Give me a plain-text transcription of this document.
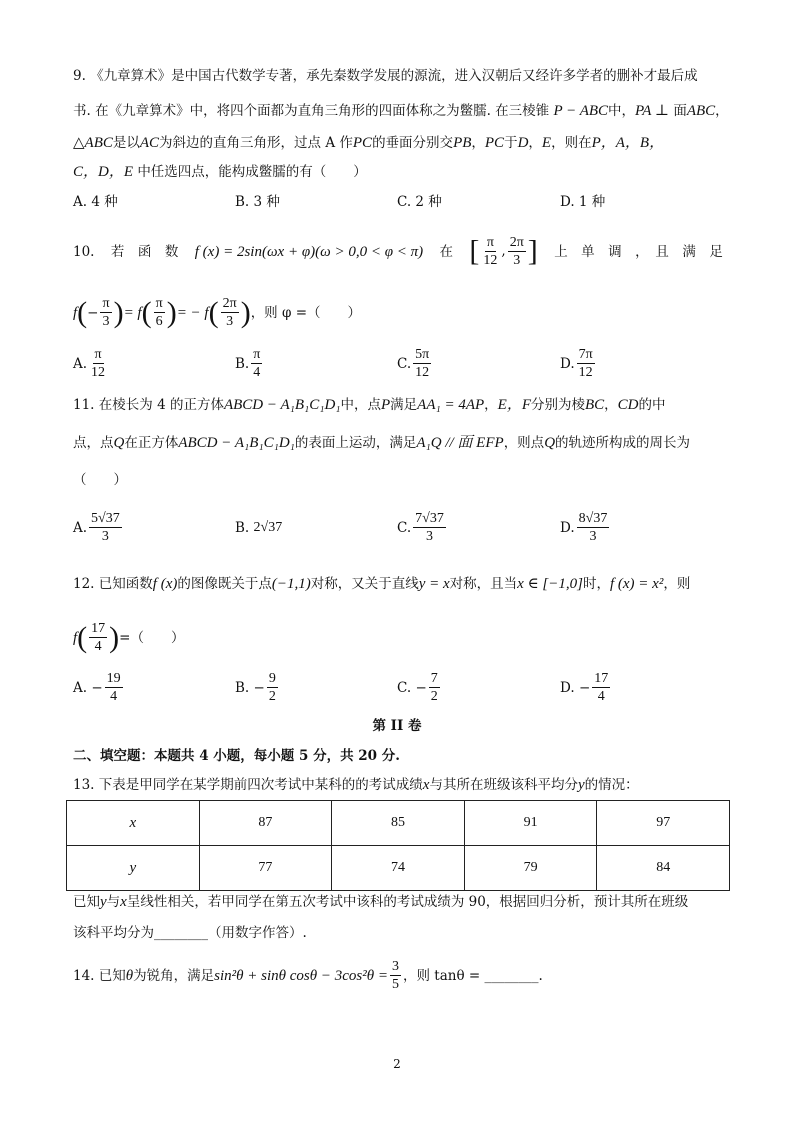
9. 《九章算术》是中国古代数学专著，承先秦数学发展的源流，进入汉朝后又经许多学者的删补才最后成
书. 在《九章算术》中，将四个面都为直角三角形的四面体称之为鳖臑. 在三棱锥 P − ABC中，PA ⊥ 面ABC，
△ABC是以AC为斜边的直角三角形，过点 A 作PC的垂面分别交PB，PC于D，E，则在P，A，B，
C，D，E 中任选四点，能构成鳖臑的有（　　）
A. 4 种	B. 3 种	C. 2 种	D. 1 种
10. 若　函　数 f (x) = 2sin(ωx + φ)(ω > 0,0 < φ < π) 在 [ $\frac{\pi}{12}$ , $\frac{2\pi}{3}$ ] 上　单　调　，　且　满　足
f ( − $\frac{\pi}{3}$ ) = f ( $\frac{\pi}{6}$ ) = − f ( $\frac{2\pi}{3}$ ) ，则 φ =（　　）
A. $\frac{\pi}{12}$	B. $\frac{\pi}{4}$	C. $\frac{5\pi}{12}$	D. $\frac{7\pi}{12}$
11. 在棱长为 4 的正方体ABCD − A₁B₁C₁D₁中，点P满足AA₁ = 4AP，E，F分别为棱BC，CD的中
点，点Q在正方体ABCD − A₁B₁C₁D₁的表面上运动，满足A₁Q // 面 EFP，则点Q的轨迹所构成的周长为
（　　）
A. $\frac{5√37}{3}$	B.
2√37	C. $\frac{7√37}{3}$	D. $\frac{8√37}{3}$
12. 已知函数f (x)的图像既关于点(−1,1)对称，又关于直线y = x对称，且当x ∈ [−1,0]时，f (x) = x²，则
f ( $\frac{17}{4}$ ) =（　　）
A.
− $\frac{19}{4}$	B.
− $\frac{9}{2}$	C.
− $\frac{7}{2}$	D.
− $\frac{17}{4}$
第 II 卷
二、填空题：本题共 4 小题，每小题 5 分，共 20 分.
13. 下表是甲同学在某学期前四次考试中某科的的考试成绩x与其所在班级该科平均分y的情况：
x	87	85	91	97
y	77	74	79	84
已知y与x呈线性相关，若甲同学在第五次考试中该科的考试成绩为 90，根据回归分析，预计其所在班级
该科平均分为________（用数字作答）.
14.
已知 θ 为锐角，满足 sin²θ + sinθ $\cos\theta - 3\cos^2\theta = \frac{3}{5}$ ，则 tanθ = ________.
2
